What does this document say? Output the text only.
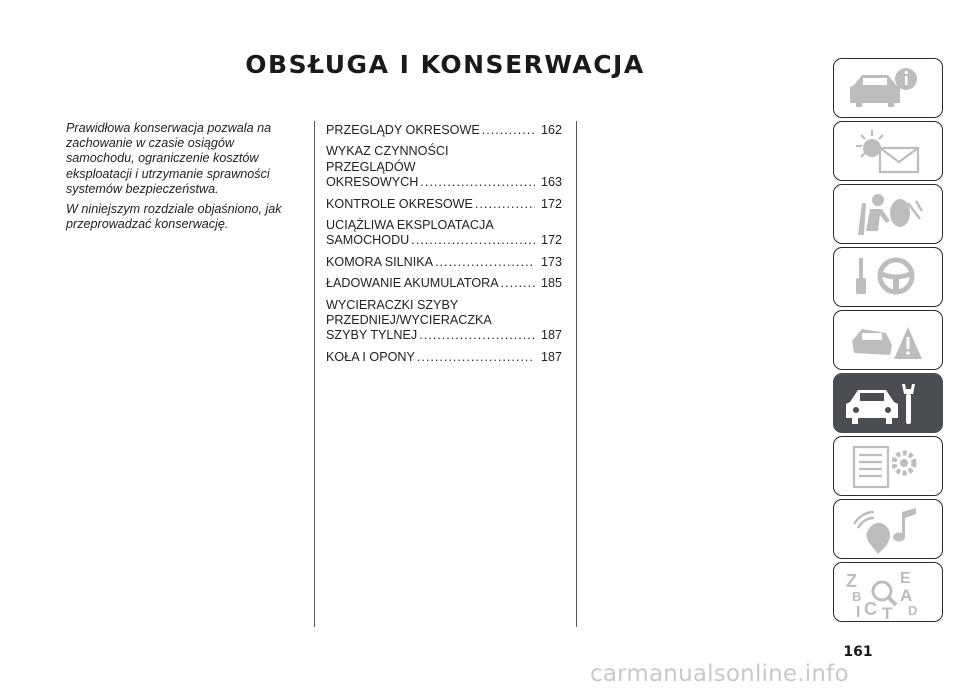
OBSŁUGA I KONSERWACJA

Prawidłowa konserwacja pozwala na zachowanie w czasie osiągów samochodu, ograniczenie kosztów eksploatacji i utrzymanie sprawności systemów bezpieczeństwa.

W niniejszym rozdziale objaśniono, jak przeprowadzać konserwację.

PRZEGLĄDY OKRESOWE .....	162
WYKAZ CZYNNOŚCI
PRZEGLĄDÓW
OKRESOWYCH .....	163
KONTROLE OKRESOWE .....	172
UCIĄŻLIWA EKSPLOATACJA
SAMOCHODU .....	172
KOMORA SILNIKA .....	173
ŁADOWANIE AKUMULATORA .....	185
WYCIERACZKI SZYBY
PRZEDNIEJ/WYCIERACZKA
SZYBY TYLNEJ .....	187
KOŁA I OPONY .....	187
Z	E
B A
I C T D
161
carmanualsonline.info
